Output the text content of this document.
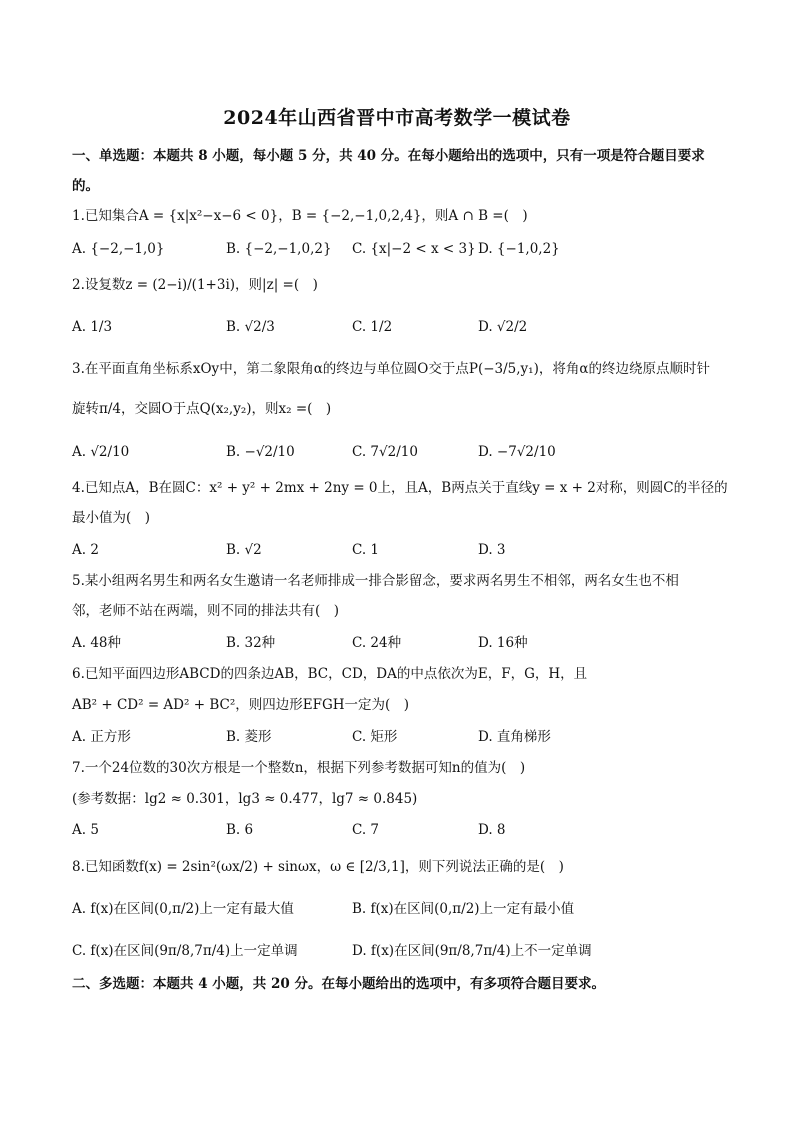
2024年山西省晋中市高考数学一模试卷
一、单选题：本题共 8 小题，每小题 5 分，共 40 分。在每小题给出的选项中，只有一项是符合题目要求
的。
1.已知集合A = {x|x²−x−6 < 0}，B = {−2,−1,0,2,4}，则A ∩ B =(　)
A. {−2,−1,0}	B. {−2,−1,0,2} C. {x|−2 < x < 3} D. {−1,0,2}
2.设复数z = (2−i)/(1+3i)，则|z| =(　)
A. 1/3	B. √2/3	C. 1/2	D. √2/2
3.在平面直角坐标系xOy中，第二象限角α的终边与单位圆O交于点P(−3/5,y₁)，将角α的终边绕原点顺时针
旋转π/4，交圆O于点Q(x₂,y₂)，则x₂ =(　)
A. √2/10	B. −√2/10	C. 7√2/10	D. −7√2/10
4.已知点A，B在圆C：x² + y² + 2mx + 2ny = 0上，且A，B两点关于直线y = x + 2对称，则圆C的半径的
最小值为(　)
A. 2	B. √2	C. 1	D. 3
5.某小组两名男生和两名女生邀请一名老师排成一排合影留念，要求两名男生不相邻，两名女生也不相
邻，老师不站在两端，则不同的排法共有(　)
A. 48种	B. 32种	C. 24种	D. 16种
6.已知平面四边形ABCD的四条边AB，BC，CD，DA的中点依次为E，F，G，H，且
AB² + CD² = AD² + BC²，则四边形EFGH一定为(　)
A. 正方形	B. 菱形	C. 矩形	D. 直角梯形
7.一个24位数的30次方根是一个整数n，根据下列参考数据可知n的值为(　)
(参考数据：lg2 ≈ 0.301，lg3 ≈ 0.477，lg7 ≈ 0.845)
A. 5	B. 6	C. 7	D. 8
8.已知函数f(x) = 2sin²(ωx/2) + sinωx，ω ∈ [2/3,1]，则下列说法正确的是(　)
A. f(x)在区间(0,π/2)上一定有最大值	B. f(x)在区间(0,π/2)上一定有最小值
C. f(x)在区间(9π/8,7π/4)上一定单调	D. f(x)在区间(9π/8,7π/4)上不一定单调
二、多选题：本题共 4 小题，共 20 分。在每小题给出的选项中，有多项符合题目要求。
